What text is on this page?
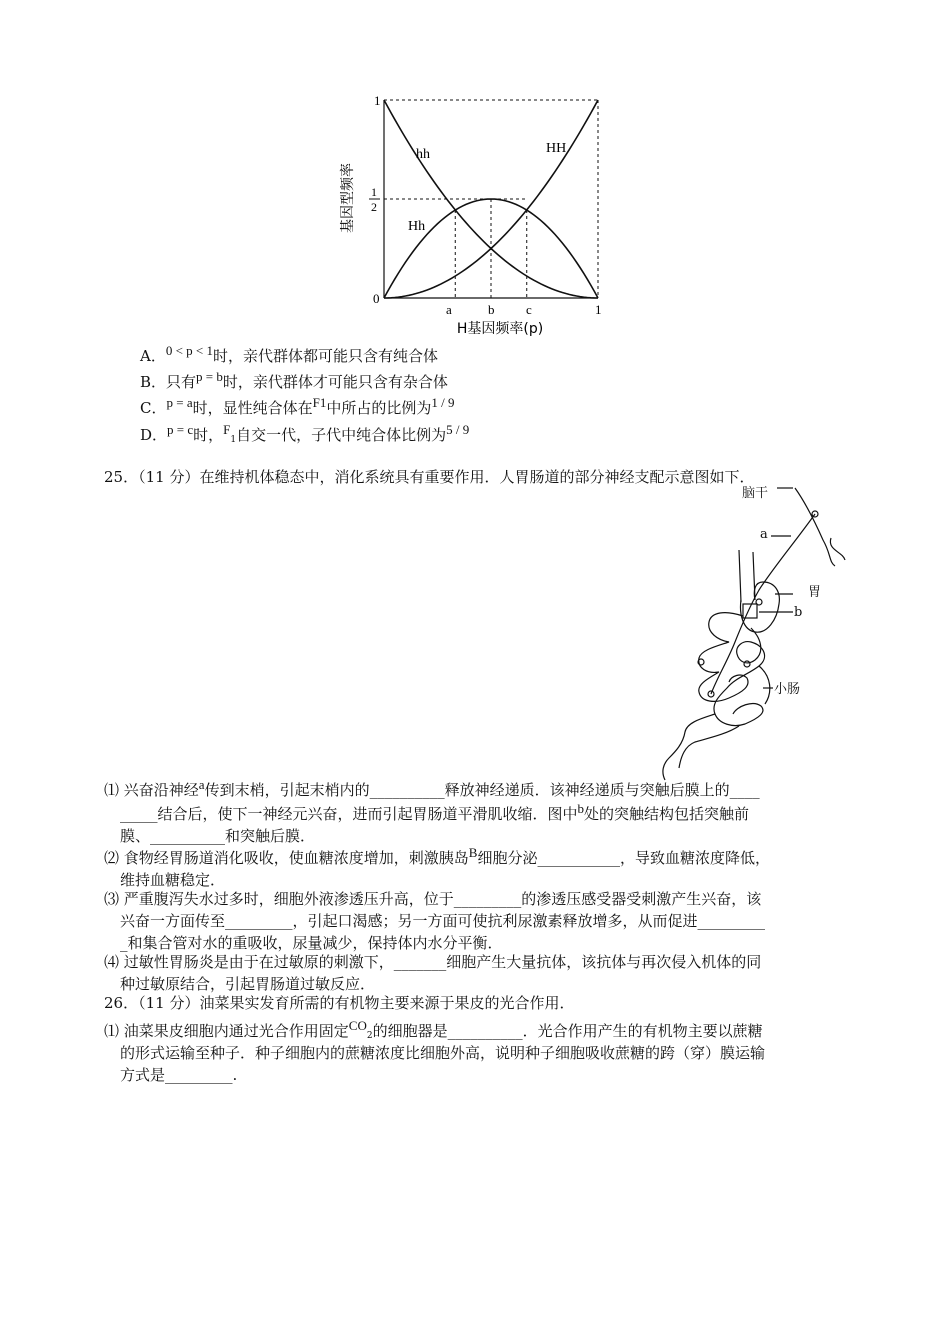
基因型频率
1
1
2
0
1
a	b c
hh	HH
Hh
H基因频率(p)
A．0 < p < 1时，亲代群体都可能只含有纯合体
B．只有p = b时，亲代群体才可能只含有杂合体
C．p = a时，显性纯合体在F1中所占的比例为1 / 9
D．p = c时，F1自交一代，子代中纯合体比例为5 / 9
25．（11 分）在维持机体稳态中，消化系统具有重要作用．人胃肠道的部分神经支配示意图如下．
脑干
a
胃
b
小肠
⑴ 兴奋沿神经a传到末梢，引起末梢内的__________释放神经递质．该神经递质与突触后膜上的____
_____结合后，使下一神经元兴奋，进而引起胃肠道平滑肌收缩．图中b处的突触结构包括突触前
膜、__________和突触后膜．
⑵ 食物经胃肠道消化吸收，使血糖浓度增加，刺激胰岛B细胞分泌___________，导致血糖浓度降低，
维持血糖稳定．
⑶ 严重腹泻失水过多时，细胞外液渗透压升高，位于_________的渗透压感受器受刺激产生兴奋，该
兴奋一方面传至_________，引起口渴感；另一方面可使抗利尿激素释放增多，从而促进_________
_和集合管对水的重吸收，尿量减少，保持体内水分平衡．
⑷ 过敏性胃肠炎是由于在过敏原的刺激下，_______细胞产生大量抗体，该抗体与再次侵入机体的同
种过敏原结合，引起胃肠道过敏反应．
26．（11 分）油菜果实发育所需的有机物主要来源于果皮的光合作用．
⑴ 油菜果皮细胞内通过光合作用固定CO2的细胞器是__________．光合作用产生的有机物主要以蔗糖
的形式运输至种子．种子细胞内的蔗糖浓度比细胞外高，说明种子细胞吸收蔗糖的跨（穿）膜运输
方式是_________.
